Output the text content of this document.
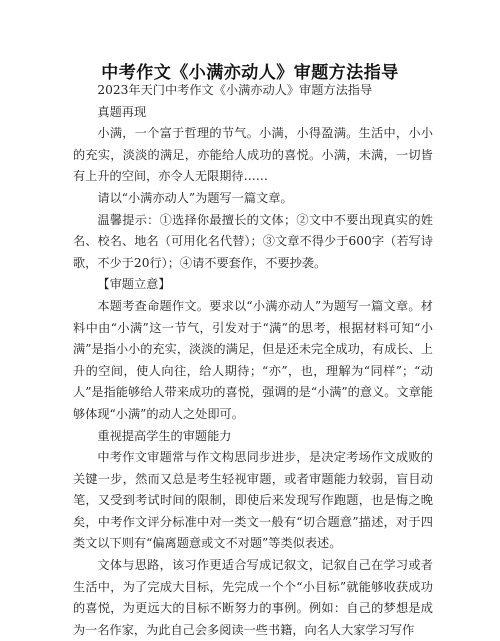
中考作文《小满亦动人》审题方法指导

2023年天门中考作文《小满亦动人》审题方法指导

真题再现

小满，一个富于哲理的节气。小满，小得盈满。生活中，小小的充实，淡淡的满足，亦能给人成功的喜悦。小满，未满，一切皆有上升的空间，亦令人无限期待……

请以“小满亦动人”为题写一篇文章。

温馨提示：①选择你最擅长的文体；②文中不要出现真实的姓名、校名、地名（可用化名代替）；③文章不得少于600字（若写诗歌，不少于20行）；④请不要套作，不要抄袭。

【审题立意】

本题考查命题作文。要求以“小满亦动人”为题写一篇文章。材料中由“小满”这一节气，引发对于“满”的思考，根据材料可知“小满”是指小小的充实，淡淡的满足，但是还未完全成功，有成长、上升的空间，使人向往，给人期待；“亦”，也，理解为“同样”；“动人”是指能够给人带来成功的喜悦，强调的是“小满”的意义。文章能够体现“小满”的动人之处即可。

重视提高学生的审题能力

中考作文审题常与作文构思同步进步，是决定考场作文成败的关键一步，然而又总是考生轻视审题，或者审题能力较弱，盲目动笔，又受到考试时间的限制，即使后来发现写作跑题，也是悔之晚矣，中考作文评分标准中对一类文一般有“切合题意”描述，对于四类文以下则有“偏离题意或文不对题”等类似表述。

文体与思路，该习作更适合写成记叙文，记叙自己在学习或者生活中，为了完成大目标，先完成一个个“小目标”就能够收获成功的喜悦，为更远大的目标不断努力的事例。例如：自己的梦想是成为一名作家，为此自己会多阅读一些书籍，向名人大家学习写作
